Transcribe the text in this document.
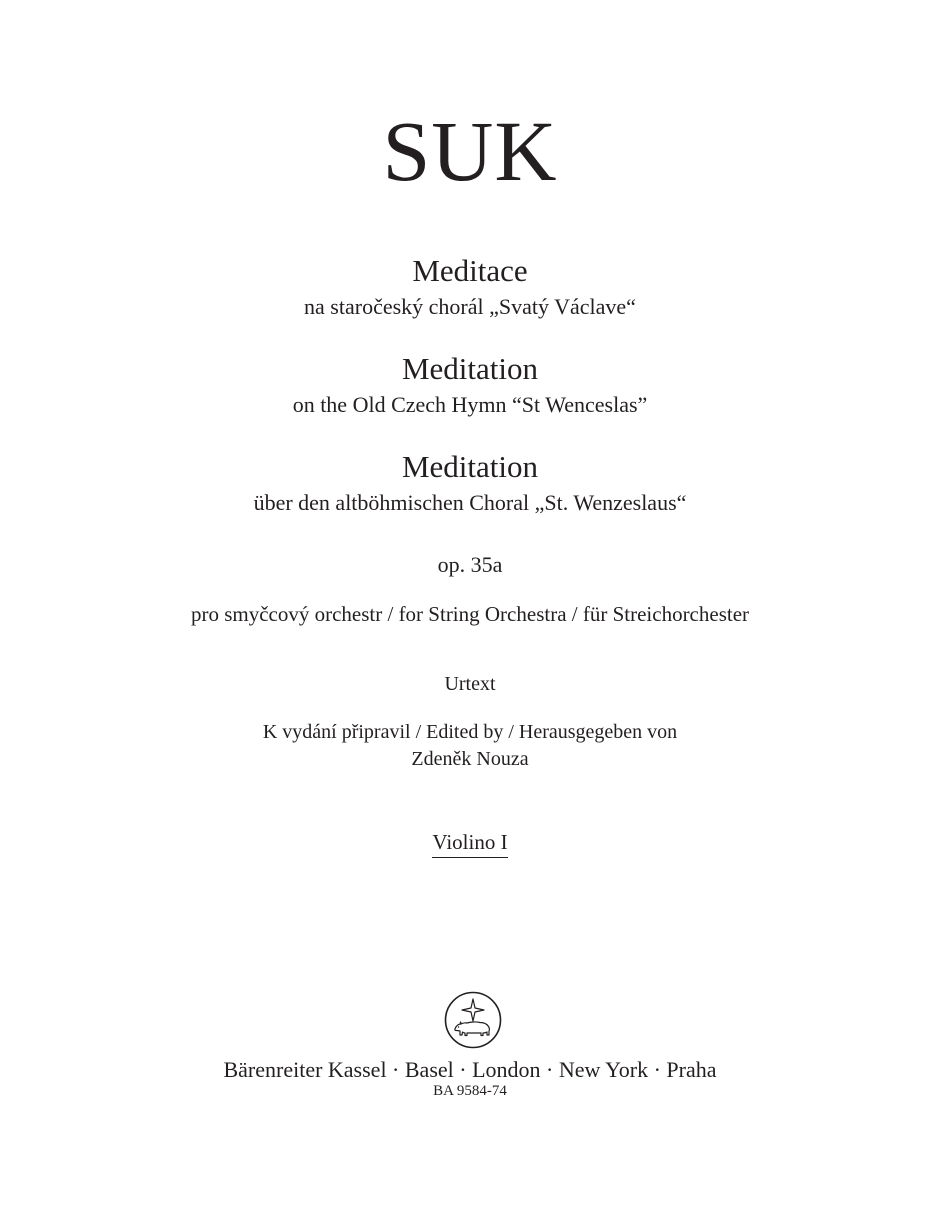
SUK
Meditace
na staročeský chorál „Svatý Václave“
Meditation
on the Old Czech Hymn “St Wenceslas”
Meditation
über den altböhmischen Choral „St. Wenzeslaus“
op. 35a
pro smyčcový orchestr / for String Orchestra / für Streichorchester
Urtext
K vydání připravil / Edited by / Herausgegeben von
Zdeněk Nouza
Violino I
Bärenreiter Kassel · Basel · London · New York · Praha
BA 9584-74
